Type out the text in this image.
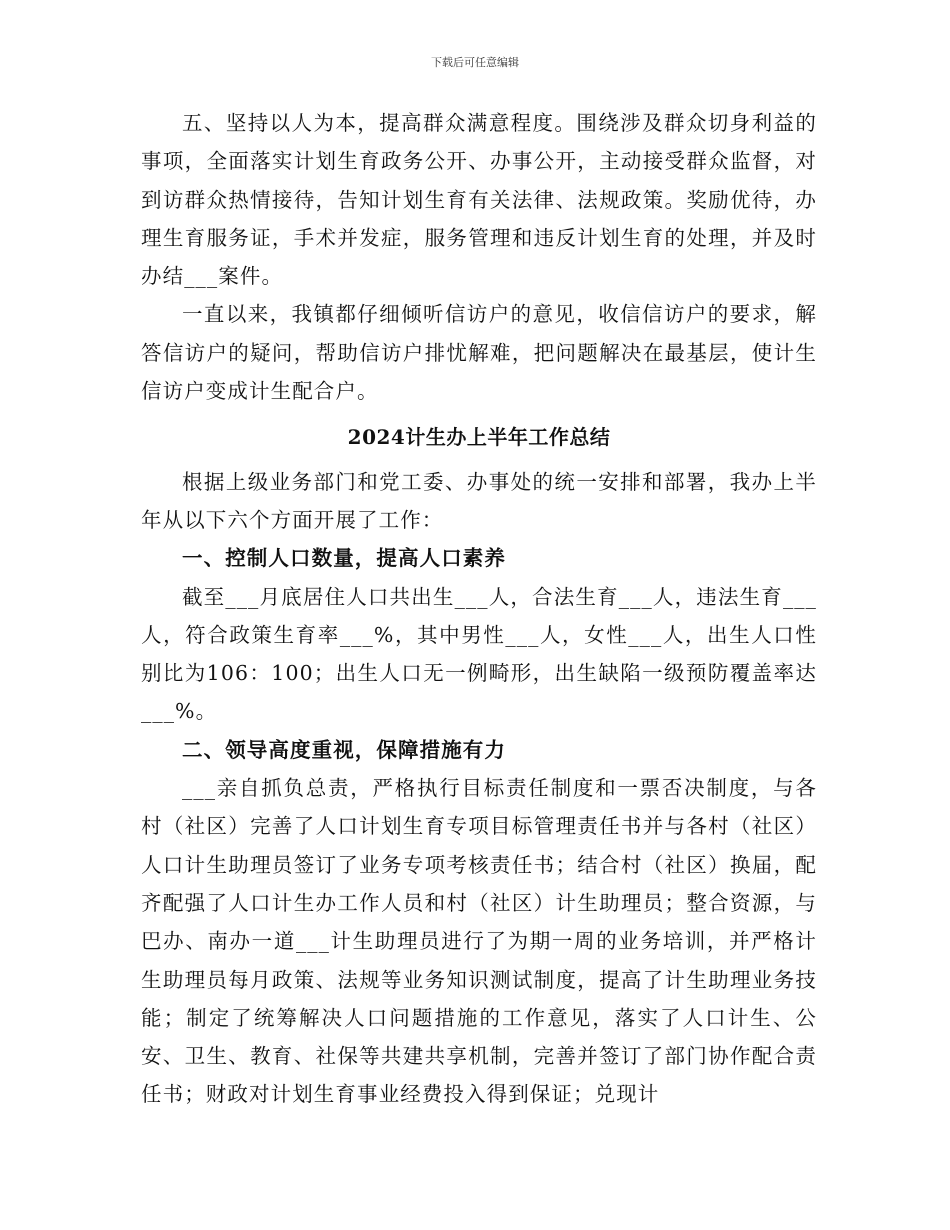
下载后可任意编辑

五、坚持以人为本，提高群众满意程度。围绕涉及群众切身利益的事项，全面落实计划生育政务公开、办事公开，主动接受群众监督，对到访群众热情接待，告知计划生育有关法律、法规政策。奖励优待，办理生育服务证，手术并发症，服务管理和违反计划生育的处理，并及时办结___案件。

一直以来，我镇都仔细倾听信访户的意见，收信信访户的要求，解答信访户的疑问，帮助信访户排忧解难，把问题解决在最基层，使计生信访户变成计生配合户。

2024计生办上半年工作总结

根据上级业务部门和党工委、办事处的统一安排和部署，我办上半年从以下六个方面开展了工作：

一、控制人口数量，提高人口素养

截至___月底居住人口共出生___人，合法生育___人，违法生育___人，符合政策生育率___%，其中男性___人，女性___人，出生人口性别比为106：100；出生人口无一例畸形，出生缺陷一级预防覆盖率达___%。

二、领导高度重视，保障措施有力

___亲自抓负总责，严格执行目标责任制度和一票否决制度，与各村（社区）完善了人口计划生育专项目标管理责任书并与各村（社区）人口计生助理员签订了业务专项考核责任书；结合村（社区）换届，配齐配强了人口计生办工作人员和村（社区）计生助理员；整合资源，与巴办、南办一道___计生助理员进行了为期一周的业务培训，并严格计生助理员每月政策、法规等业务知识测试制度，提高了计生助理业务技能；制定了统筹解决人口问题措施的工作意见，落实了人口计生、公安、卫生、教育、社保等共建共享机制，完善并签订了部门协作配合责任书；财政对计划生育事业经费投入得到保证；兑现计
